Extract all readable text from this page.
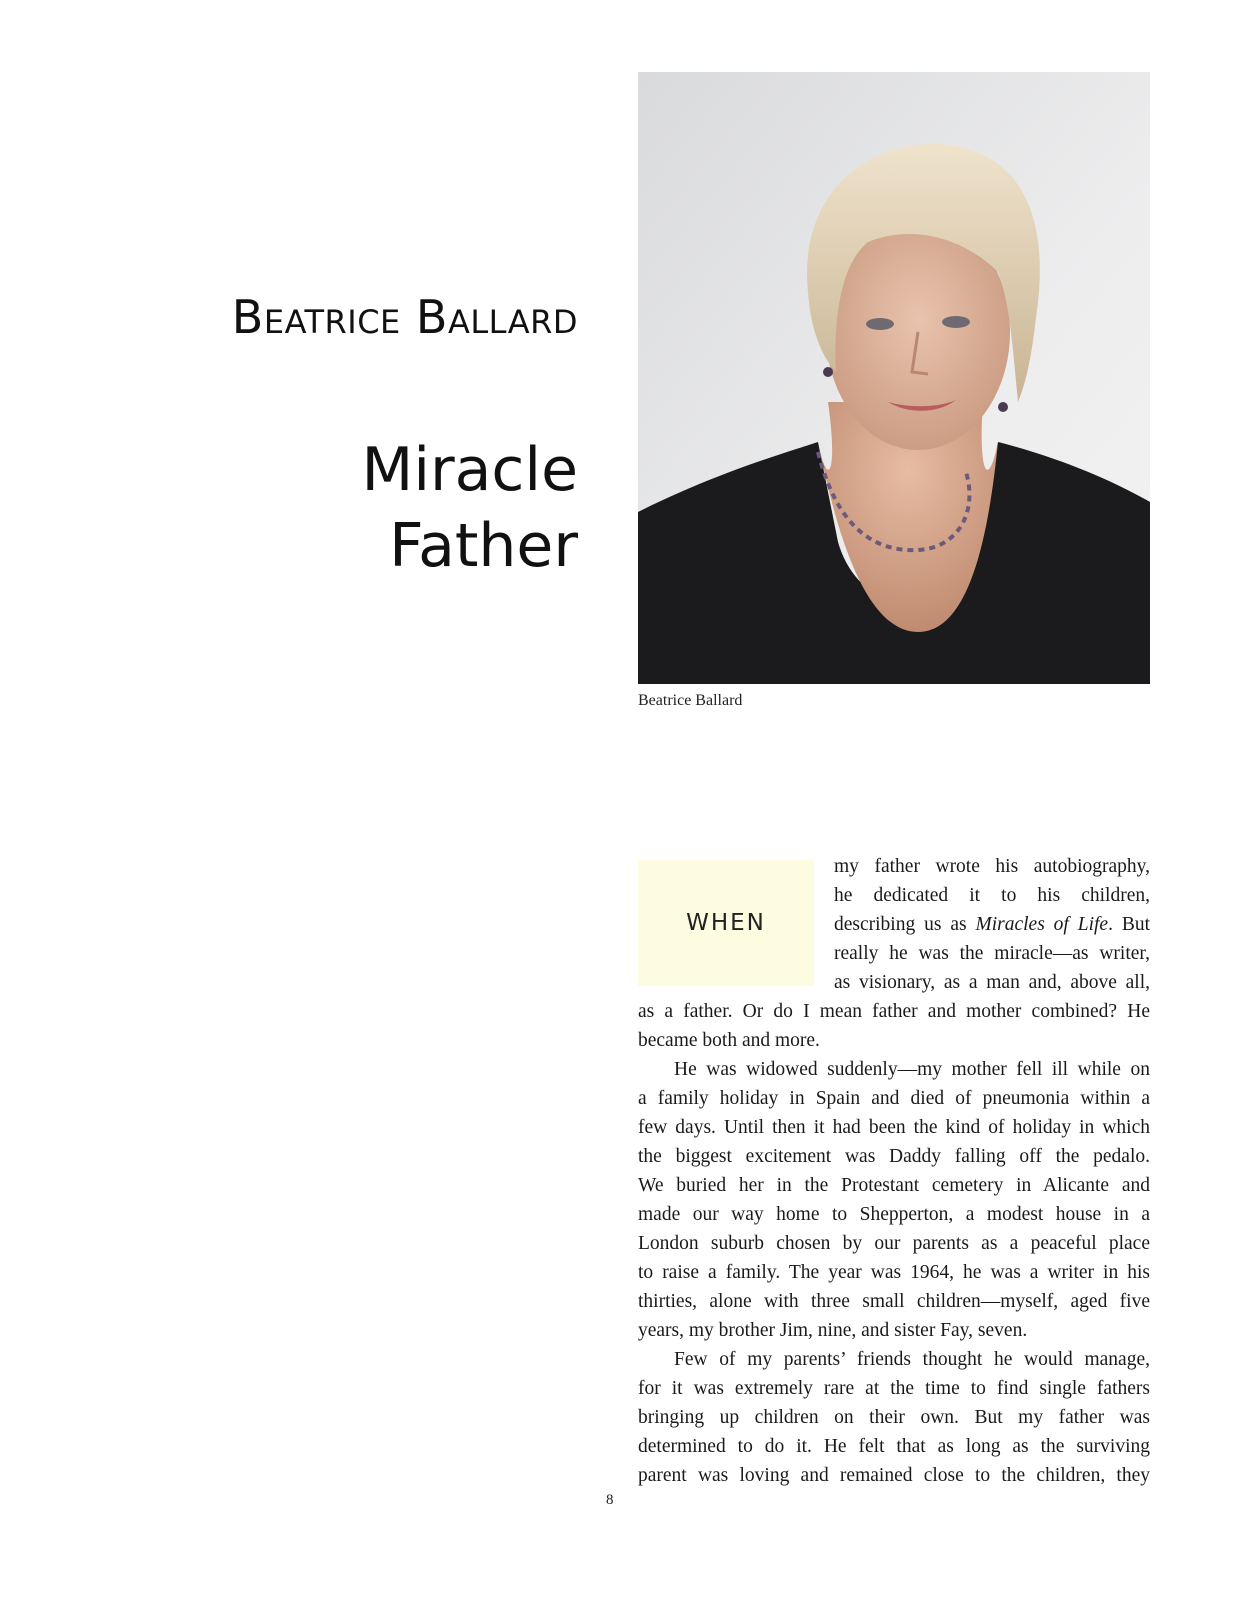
Beatrice Ballard
Miracle
Father
Beatrice Ballard
WHEN
my father wrote his autobiography,
he dedicated it to his children,
describing us as Miracles of Life. But
really he was the miracle—as writer,
as visionary, as a man and, above all,
as a father. Or do I mean father and mother combined? He
became both and more.
He was widowed suddenly—my mother fell ill while on
a family holiday in Spain and died of pneumonia within a
few days. Until then it had been the kind of holiday in which
the biggest excitement was Daddy falling off the pedalo.
We buried her in the Protestant cemetery in Alicante and
made our way home to Shepperton, a modest house in a
London suburb chosen by our parents as a peaceful place
to raise a family. The year was 1964, he was a writer in his
thirties, alone with three small children—myself, aged five
years, my brother Jim, nine, and sister Fay, seven.
Few of my parents’ friends thought he would manage,
for it was extremely rare at the time to find single fathers
bringing up children on their own. But my father was
determined to do it. He felt that as long as the surviving
parent was loving and remained close to the children, they
8
